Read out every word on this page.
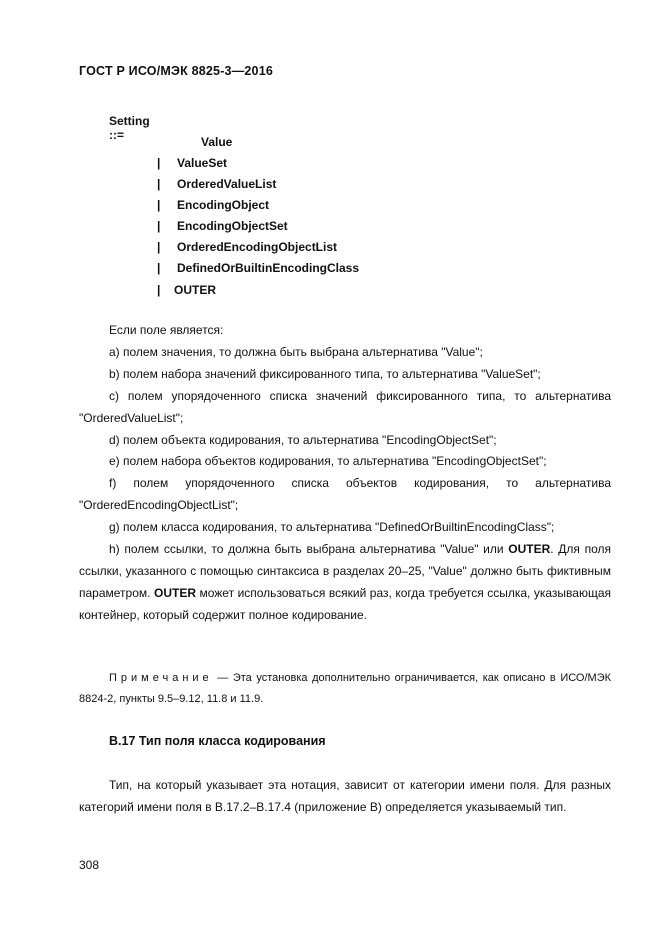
ГОСТ Р ИСО/МЭК 8825-3—2016
Setting ::=	Value
| ValueSet
| OrderedValueList
| EncodingObject
| EncodingObjectSet
| OrderedEncodingObjectList
| DefinedOrBuiltinEncodingClass
| OUTER

Если поле является:

а) полем значения, то должна быть выбрана альтернатива "Value";

b) полем набора значений фиксированного типа, то альтернатива "ValueSet";

с) полем упорядоченного списка значений фиксированного типа, то альтернатива "OrderedValueList";

d) полем объекта кодирования, то альтернатива "EncodingObjectSet";

е) полем набора объектов кодирования, то альтернатива "EncodingObjectSet";

f) полем упорядоченного списка объектов кодирования, то альтернатива "OrderedEncodingObjectList";

g) полем класса кодирования, то альтернатива "DefinedOrBuiltinEncodingClass";

h) полем ссылки, то должна быть выбрана альтернатива "Value" или OUTER. Для поля ссылки, указанного с помощью синтаксиса в разделах 20–25, "Value" должно быть фиктивным параметром. OUTER может использоваться всякий раз, когда требуется ссылка, указывающая контейнер, который содержит полное кодирование.

Примечание — Эта установка дополнительно ограничивается, как описано в ИСО/МЭК 8824-2, пункты 9.5–9.12, 11.8 и 11.9.

В.17 Тип поля класса кодирования

Тип, на который указывает эта нотация, зависит от категории имени поля. Для разных категорий имени поля в В.17.2–В.17.4 (приложение В) определяется указываемый тип.

308
